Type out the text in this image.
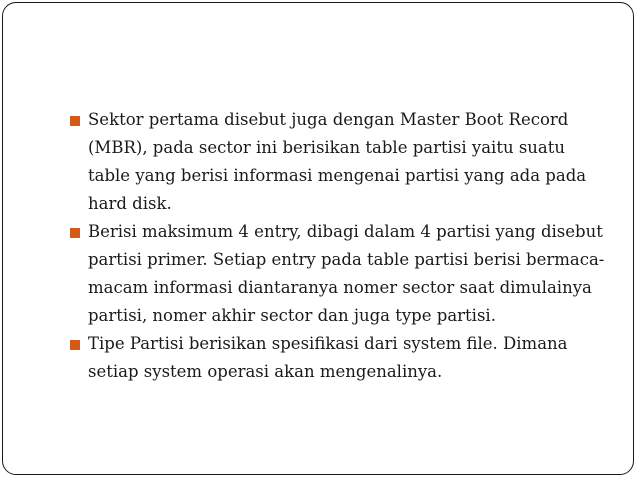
Sektor pertama disebut juga dengan Master Boot Record
(MBR), pada sector ini berisikan table partisi yaitu suatu
table yang berisi informasi mengenai partisi yang ada pada
hard disk.
Berisi maksimum 4 entry, dibagi dalam 4 partisi yang disebut
partisi primer. Setiap entry pada table partisi berisi bermaca-
macam informasi diantaranya nomer sector saat dimulainya
partisi, nomer akhir sector dan juga type partisi.
Tipe Partisi berisikan spesifikasi dari system file. Dimana
setiap system operasi akan mengenalinya.
